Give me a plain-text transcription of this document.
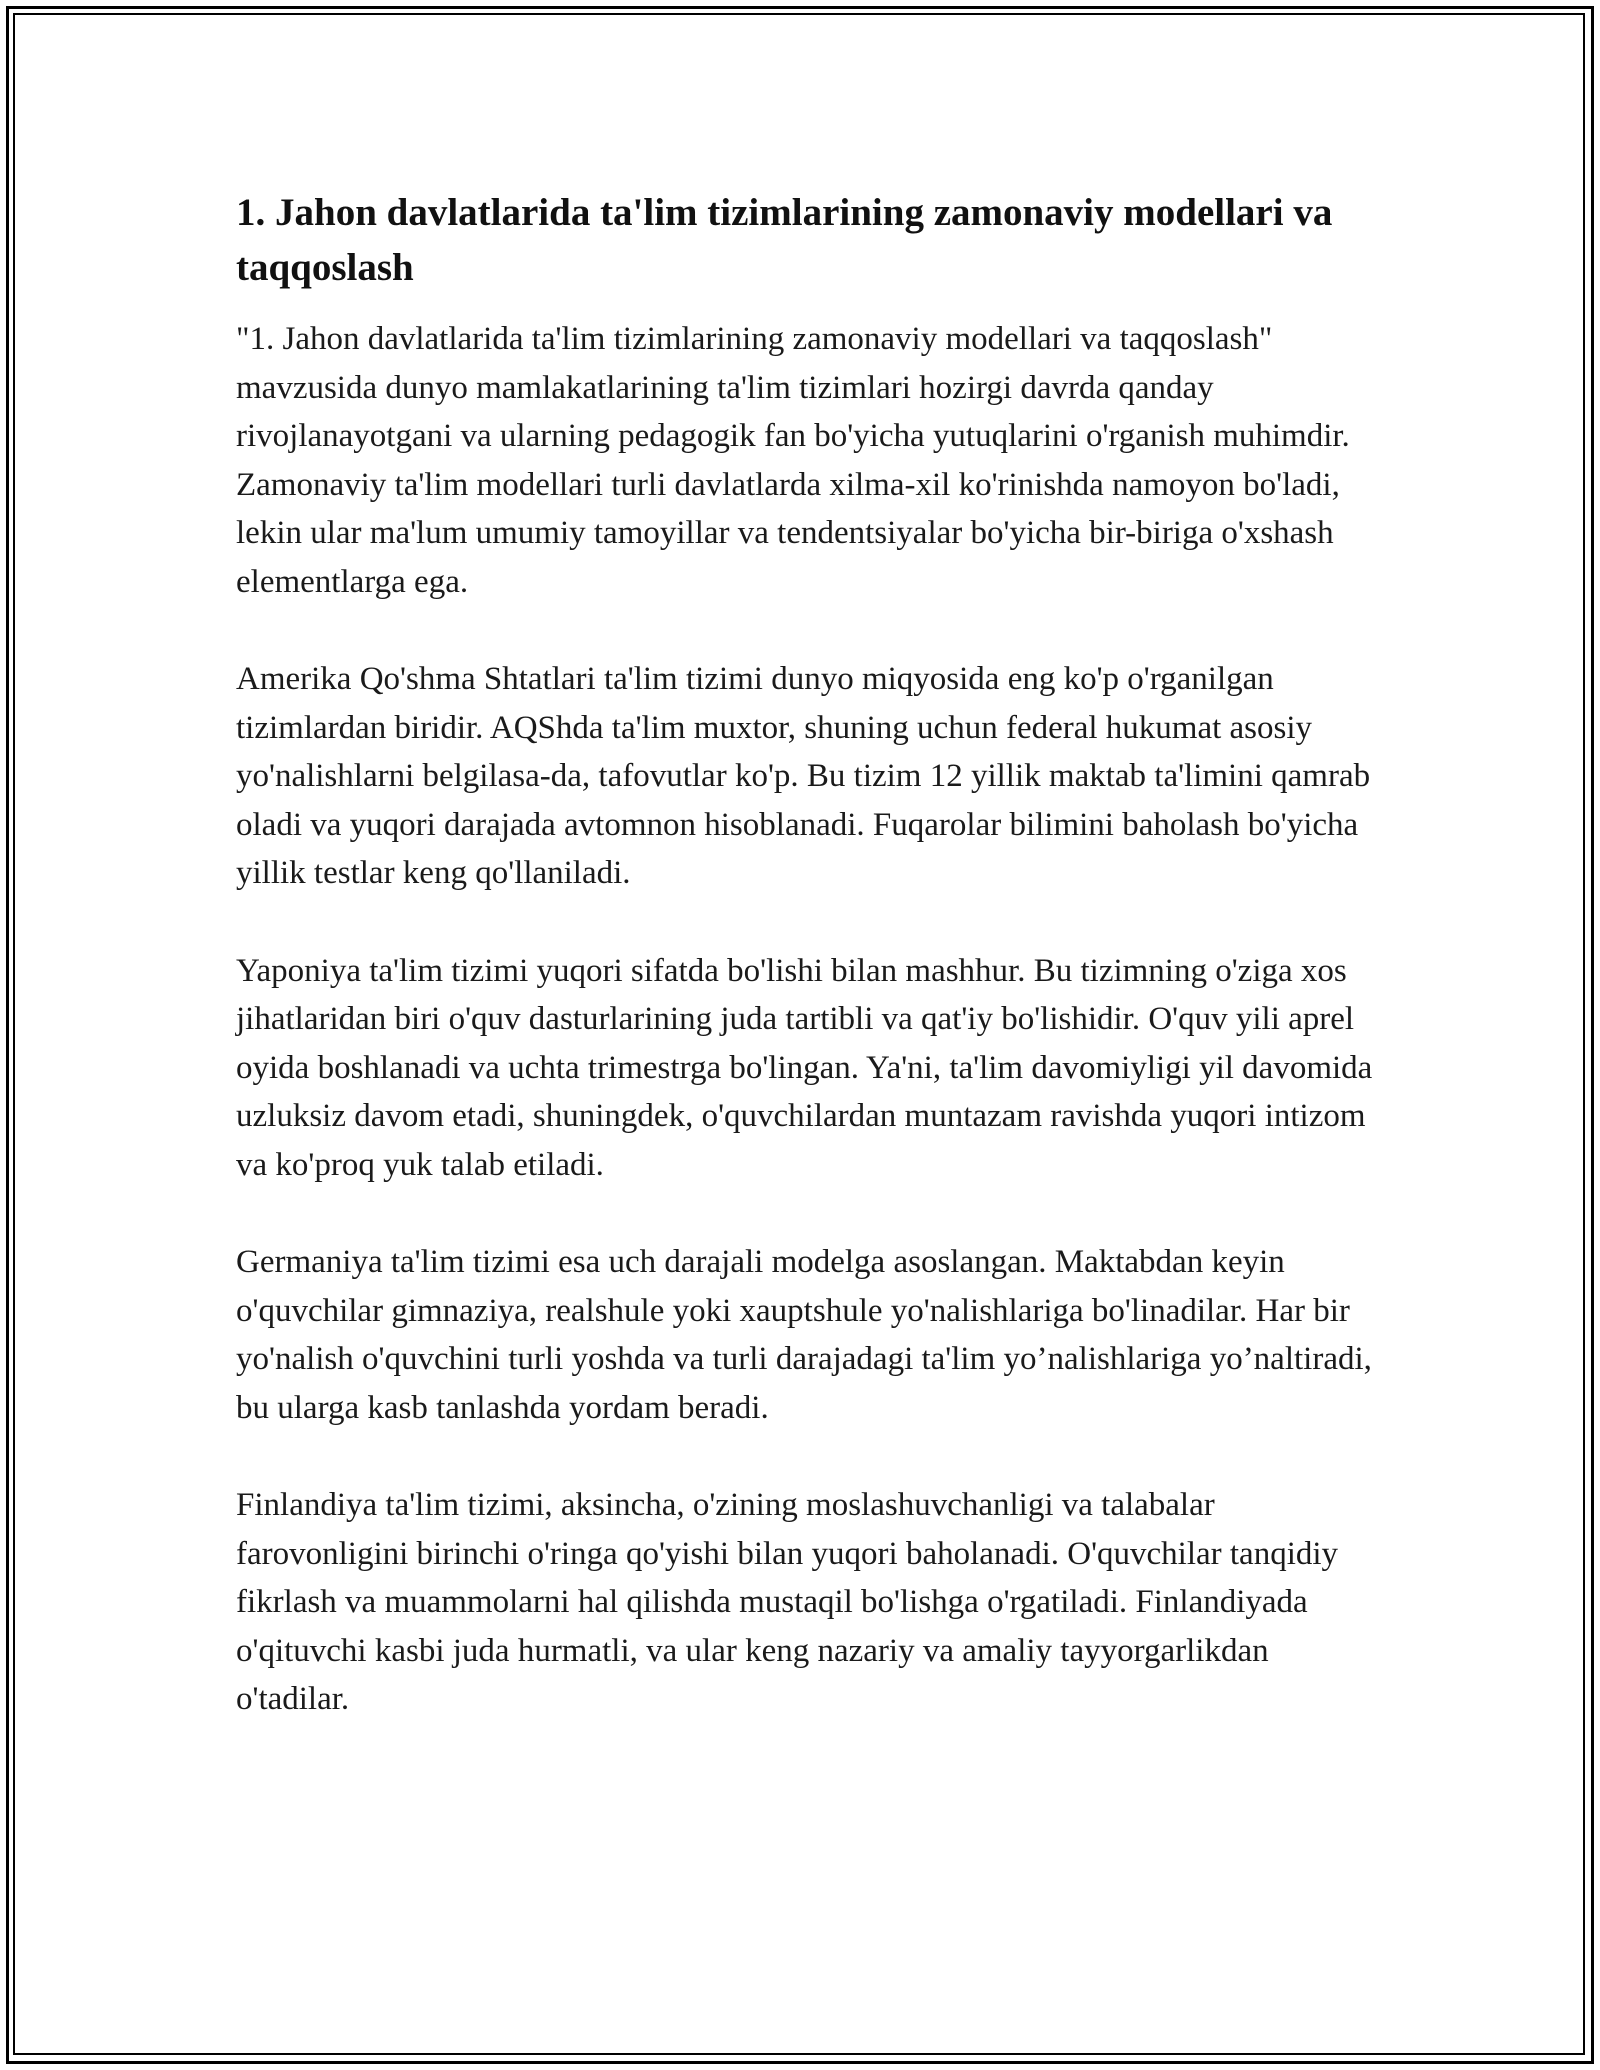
1. Jahon davlatlarida ta'lim tizimlarining zamonaviy modellari va taqqoslash

"1. Jahon davlatlarida ta'lim tizimlarining zamonaviy modellari va taqqoslash" mavzusida dunyo mamlakatlarining ta'lim tizimlari hozirgi davrda qanday rivojlanayotgani va ularning pedagogik fan bo'yicha yutuqlarini o'rganish muhimdir. Zamonaviy ta'lim modellari turli davlatlarda xilma-xil ko'rinishda namoyon bo'ladi, lekin ular ma'lum umumiy tamoyillar va tendentsiyalar bo'yicha bir-biriga o'xshash elementlarga ega.

Amerika Qo'shma Shtatlari ta'lim tizimi dunyo miqyosida eng ko'p o'rganilgan tizimlardan biridir. AQShda ta'lim muxtor, shuning uchun federal hukumat asosiy yo'nalishlarni belgilasa-da, tafovutlar ko'p. Bu tizim 12 yillik maktab ta'limini qamrab oladi va yuqori darajada avtomnon hisoblanadi. Fuqarolar bilimini baholash bo'yicha yillik testlar keng qo'llaniladi.

Yaponiya ta'lim tizimi yuqori sifatda bo'lishi bilan mashhur. Bu tizimning o'ziga xos jihatlaridan biri o'quv dasturlarining juda tartibli va qat'iy bo'lishidir. O'quv yili aprel oyida boshlanadi va uchta trimestrga bo'lingan. Ya'ni, ta'lim davomiyligi yil davomida uzluksiz davom etadi, shuningdek, o'quvchilardan muntazam ravishda yuqori intizom va ko'proq yuk talab etiladi.

Germaniya ta'lim tizimi esa uch darajali modelga asoslangan. Maktabdan keyin o'quvchilar gimnaziya, realshule yoki xauptshule yo'nalishlariga bo'linadilar. Har bir yo'nalish o'quvchini turli yoshda va turli darajadagi ta'lim yo’nalishlariga yo’naltiradi, bu ularga kasb tanlashda yordam beradi.

Finlandiya ta'lim tizimi, aksincha, o'zining moslashuvchanligi va talabalar farovonligini birinchi o'ringa qo'yishi bilan yuqori baholanadi. O'quvchilar tanqidiy fikrlash va muammolarni hal qilishda mustaqil bo'lishga o'rgatiladi. Finlandiyada o'qituvchi kasbi juda hurmatli, va ular keng nazariy va amaliy tayyorgarlikdan o'tadilar.
